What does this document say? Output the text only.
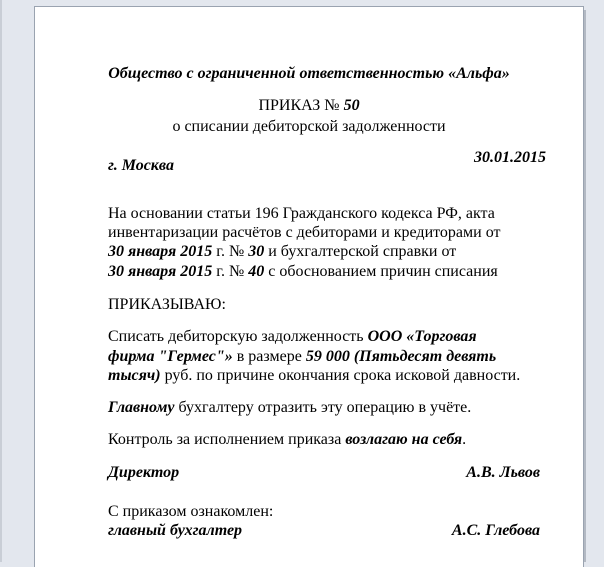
Общество с ограниченной ответственностью «Альфа»

ПРИКАЗ № 50

о списании дебиторской задолженности

г. Москва	30.01.2015

На основании статьи 196 Гражданского кодекса РФ, акта

инвентаризации расчётов с дебиторами и кредиторами от

30 января 2015 г. № 30 и бухгалтерской справки от

30 января 2015 г. № 40 с обоснованием причин списания

ПРИКАЗЫВАЮ:

Списать дебиторскую задолженность ООО «Торговая

фирма "Гермес"» в размере 59 000 (Пятьдесят девять

тысяч) руб. по причине окончания срока исковой давности.

Главному бухгалтеру отразить эту операцию в учёте.

Контроль за исполнением приказа возлагаю на себя.

Директор	А.В. Львов

С приказом ознакомлен:

главный бухгалтер	А.С. Глебова
